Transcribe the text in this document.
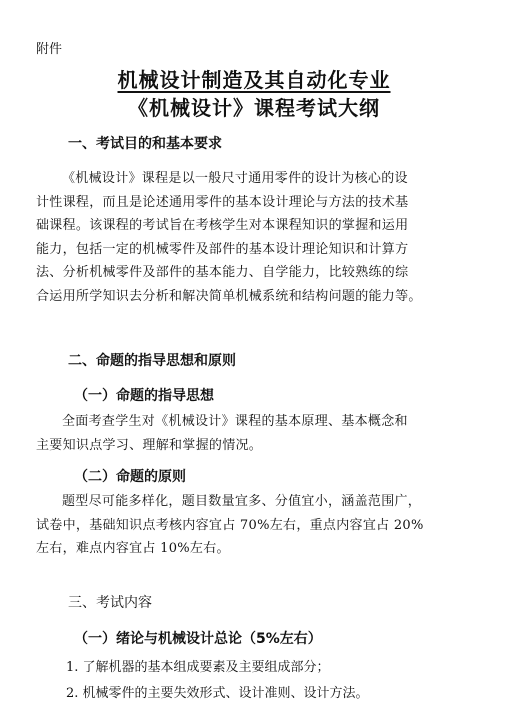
附件
机械设计制造及其自动化专业
《机械设计》课程考试大纲
一、考试目的和基本要求
《机械设计》课程是以一般尺寸通用零件的设计为核心的设
计性课程，而且是论述通用零件的基本设计理论与方法的技术基
础课程。该课程的考试旨在考核学生对本课程知识的掌握和运用
能力，包括一定的机械零件及部件的基本设计理论知识和计算方
法、分析机械零件及部件的基本能力、自学能力，比较熟练的综
合运用所学知识去分析和解决简单机械系统和结构问题的能力等。
二、命题的指导思想和原则
（一）命题的指导思想
全面考查学生对《机械设计》课程的基本原理、基本概念和
主要知识点学习、理解和掌握的情况。
（二）命题的原则
题型尽可能多样化，题目数量宜多、分值宜小，涵盖范围广，
试卷中，基础知识点考核内容宜占 70%左右，重点内容宜占 20%
左右，难点内容宜占 10%左右。
三、考试内容
（一）绪论与机械设计总论（5%左右）
1. 了解机器的基本组成要素及主要组成部分；
2. 机械零件的主要失效形式、设计准则、设计方法。
